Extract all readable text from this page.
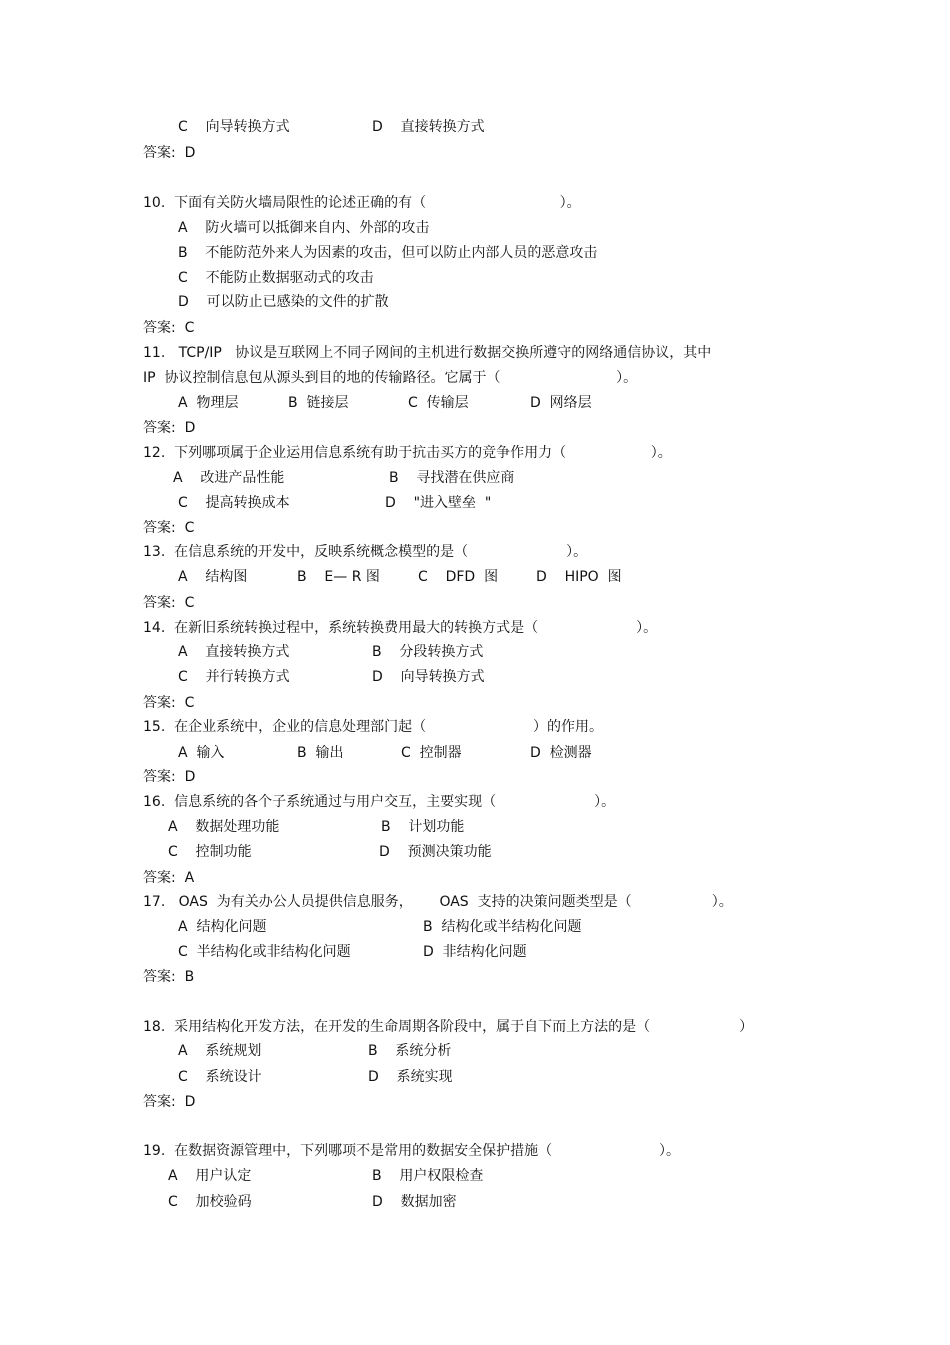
C    向导转换方式	D    直接转换方式
答案:  D
10.  下面有关防火墙局限性的论述正确的有（                              ）。
A    防火墙可以抵御来自内、外部的攻击
B    不能防范外来人为因素的攻击，但可以防止内部人员的恶意攻击
C    不能防止数据驱动式的攻击
D    可以防止已感染的文件的扩散
答案:  C
11.   TCP/IP   协议是互联网上不同子网间的主机进行数据交换所遵守的网络通信协议，其中
IP  协议控制信息包从源头到目的地的传输路径。它属于（                          ）。
A  物理层	B  链接层	C  传输层	D  网络层
答案:  D
12.  下列哪项属于企业运用信息系统有助于抗击买方的竞争作用力（                   ）。
A    改进产品性能	B    寻找潜在供应商
C    提高转换成本	D    "进入壁垒  "
答案:  C
13.  在信息系统的开发中，反映系统概念模型的是（                      ）。
A    结构图	B    E— R 图	C    DFD  图	D    HIPO  图
答案:  C
14.  在新旧系统转换过程中，系统转换费用最大的转换方式是（                      ）。
A    直接转换方式	B    分段转换方式
C    并行转换方式	D    向导转换方式
答案:  C
15.  在企业系统中，企业的信息处理部门起（                        ）的作用。
A  输入	B  输出	C  控制器	D  检测器
答案:  D
16.  信息系统的各个子系统通过与用户交互，主要实现（                      ）。
A    数据处理功能	B    计划功能
C    控制功能	D    预测决策功能
答案:  A
17.   OAS  为有关办公人员提供信息服务，      OAS  支持的决策问题类型是（                  ）。
A  结构化问题	B  结构化或半结构化问题
C  半结构化或非结构化问题	D  非结构化问题
答案:  B
18.  采用结构化开发方法，在开发的生命周期各阶段中，属于自下而上方法的是（                    ）
A    系统规划	B    系统分析
C    系统设计	D    系统实现
答案:  D
19.  在数据资源管理中，下列哪项不是常用的数据安全保护措施（                        ）。
A    用户认定	B    用户权限检查
C    加校验码	D    数据加密
